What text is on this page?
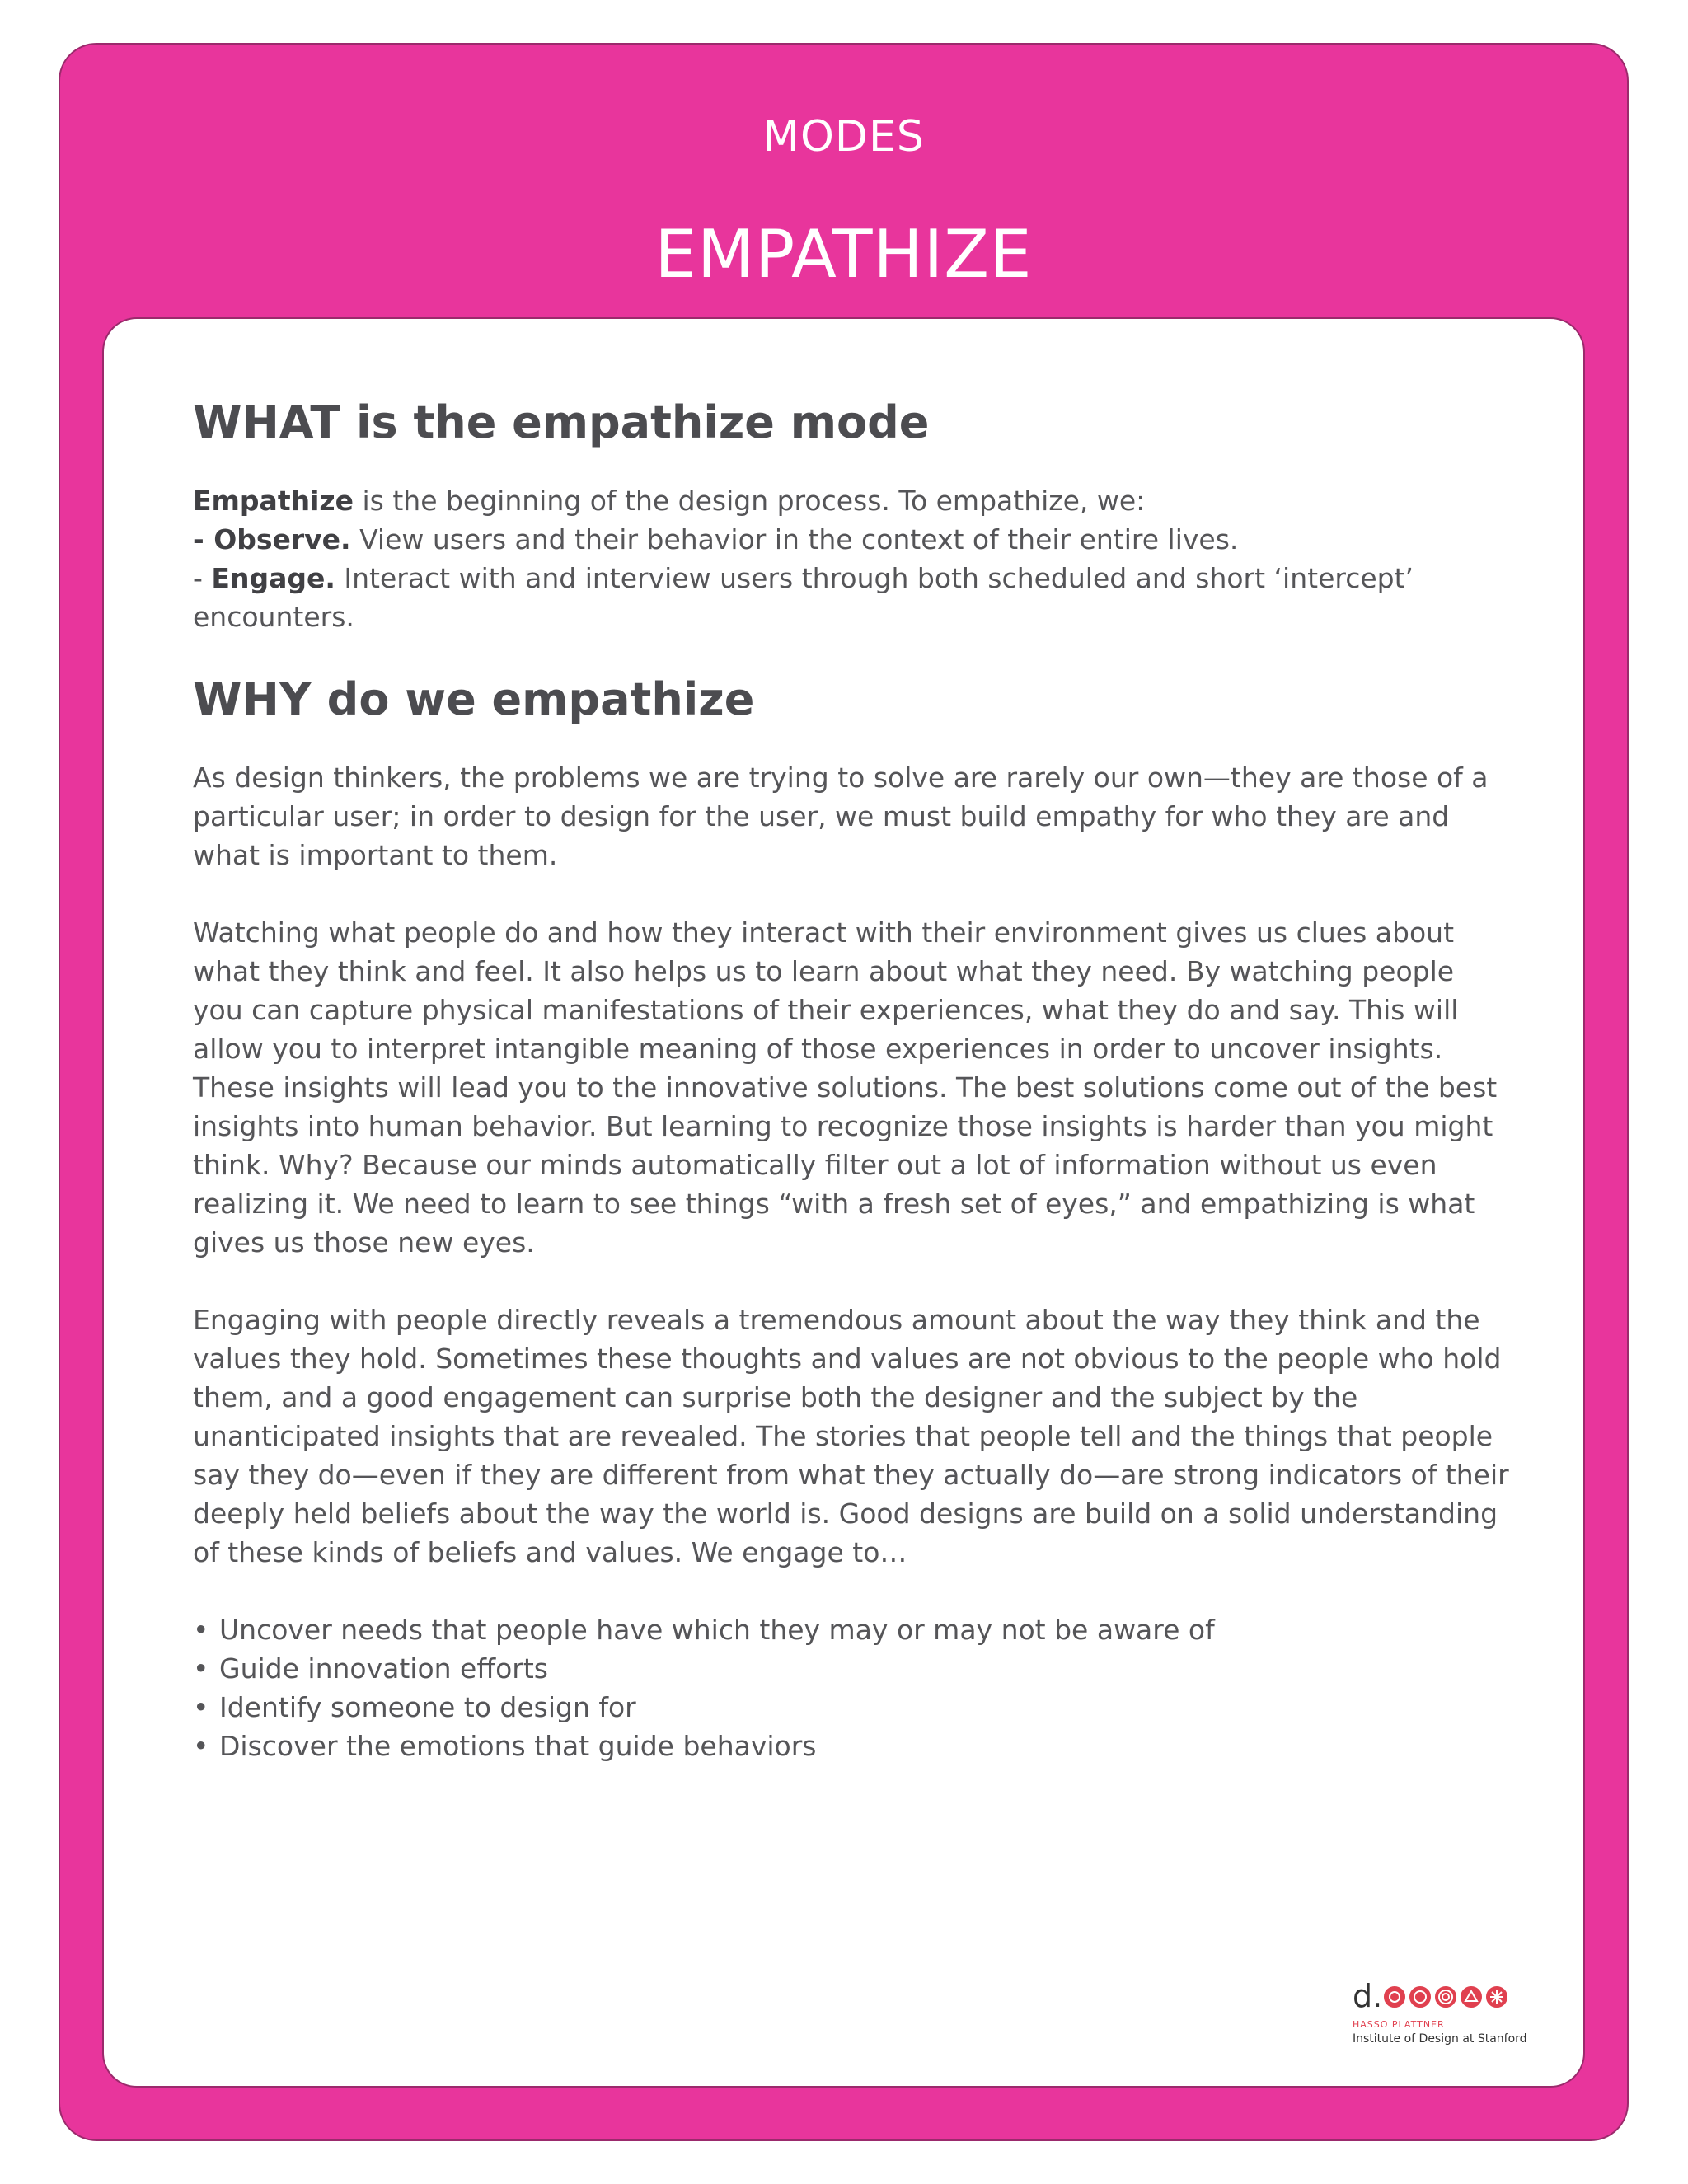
MODES
EMPATHIZE
WHAT is the empathize mode

Empathize is the beginning of the design process. To empathize, we:
- Observe. View users and their behavior in the context of their entire lives.
- Engage. Interact with and interview users through both scheduled and short ‘intercept’ encounters.

WHY do we empathize

As design thinkers, the problems we are trying to solve are rarely our own—they are those of a particular user; in order to design for the user, we must build empathy for who they are and what is important to them.

Watching what people do and how they interact with their environment gives us clues about what they think and feel. It also helps us to learn about what they need. By watching people you can capture physical manifestations of their experiences, what they do and say. This will allow you to interpret intangible meaning of those experiences in order to uncover insights. These insights will lead you to the innovative solutions. The best solutions come out of the best insights into human behavior. But learning to recognize those insights is harder than you might think. Why? Because our minds automatically filter out a lot of information without us even realizing it. We need to learn to see things “with a fresh set of eyes,” and empathizing is what gives us those new eyes.

Engaging with people directly reveals a tremendous amount about the way they think and the values they hold. Sometimes these thoughts and values are not obvious to the people who hold them, and a good engagement can surprise both the designer and the subject by the unanticipated insights that are revealed. The stories that people tell and the things that people say they do—even if they are different from what they actually do—are strong indicators of their deeply held beliefs about the way the world is. Good designs are build on a solid understanding of these kinds of beliefs and values. We engage to…

• Uncover needs that people have which they may or may not be aware of
• Guide innovation efforts
• Identify someone to design for
• Discover the emotions that guide behaviors
d.
HASSO PLATTNER
Institute of Design at Stanford
